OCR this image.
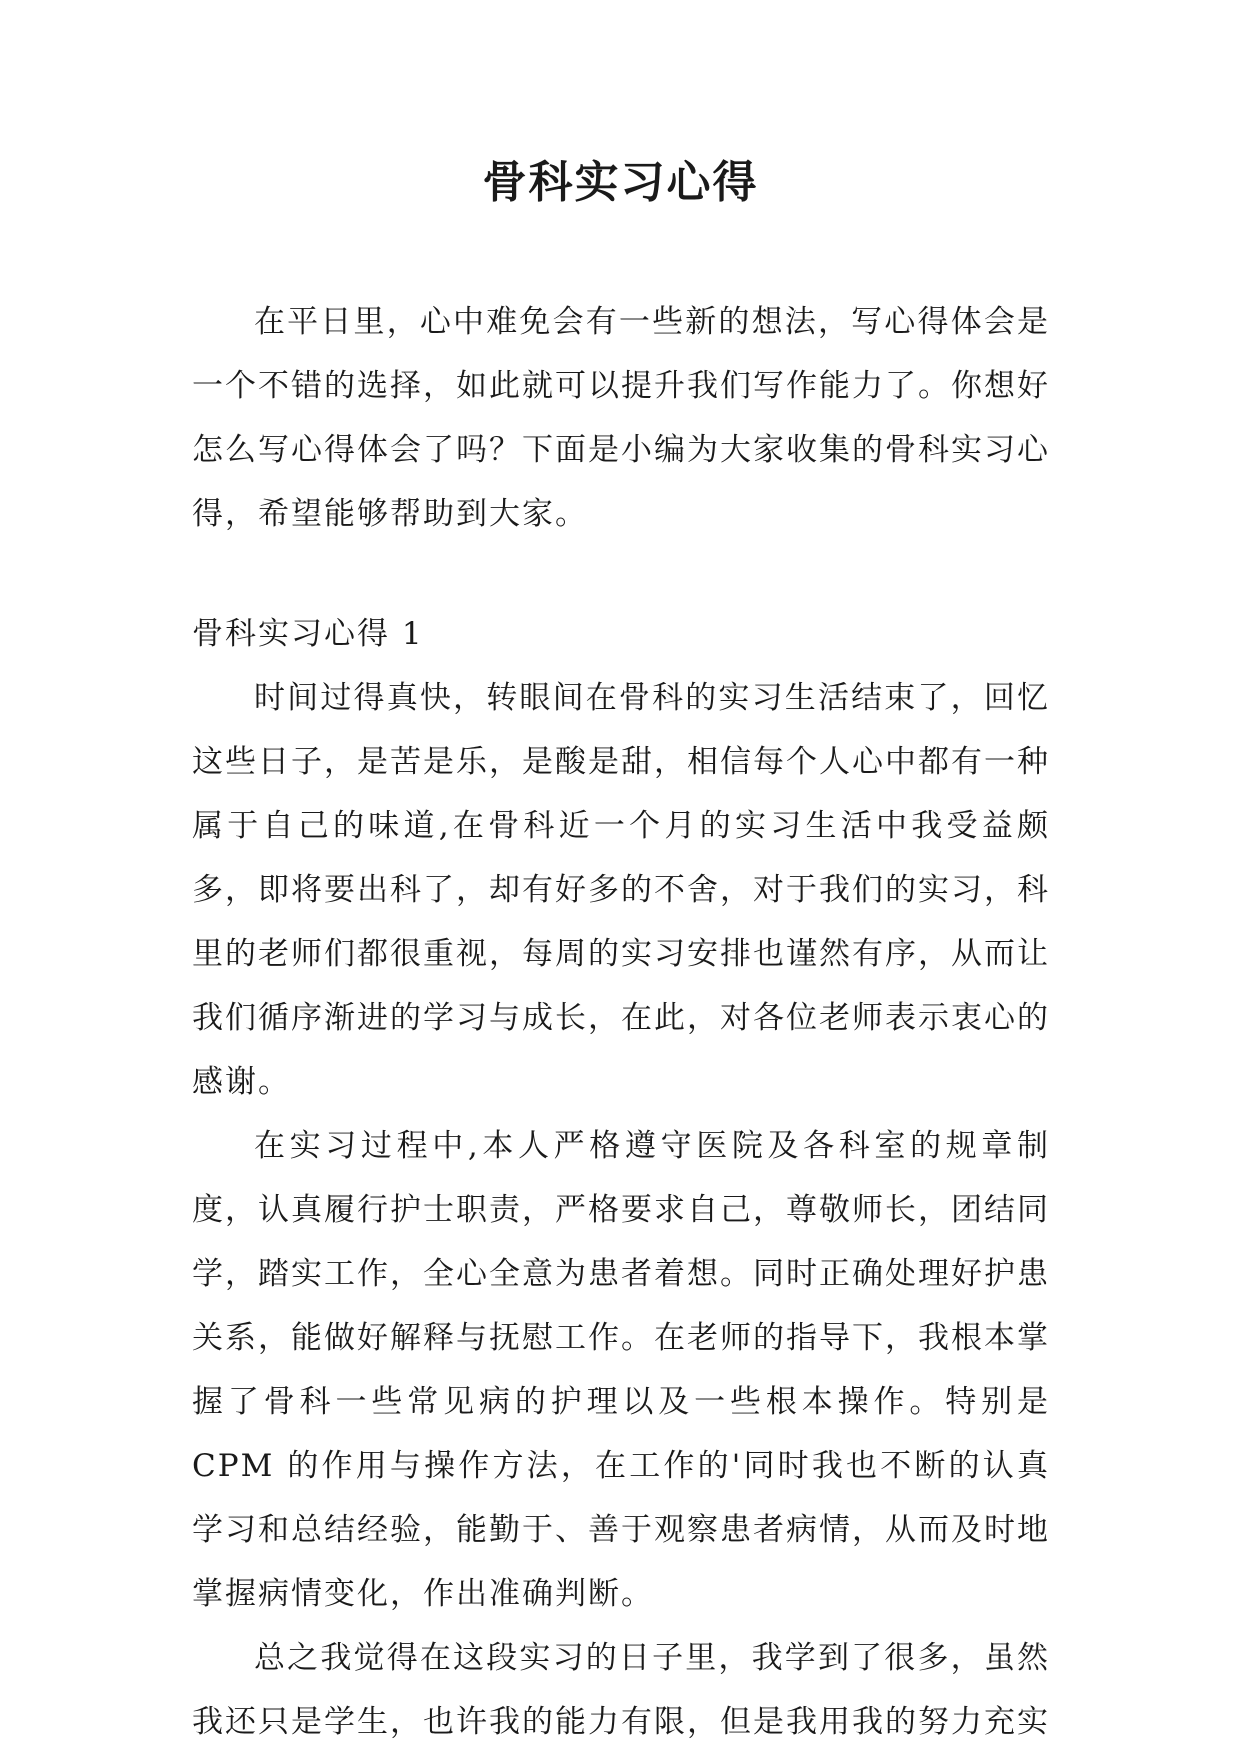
骨科实习心得

在平日里，心中难免会有一些新的想法，写心得体会是一个不错的选择，如此就可以提升我们写作能力了。你想好怎么写心得体会了吗？下面是小编为大家收集的骨科实习心得，希望能够帮助到大家。

骨科实习心得 1

时间过得真快，转眼间在骨科的实习生活结束了，回忆这些日子，是苦是乐，是酸是甜，相信每个人心中都有一种属于自己的味道,在骨科近一个月的实习生活中我受益颇多，即将要出科了，却有好多的不舍，对于我们的实习，科里的老师们都很重视，每周的实习安排也谨然有序，从而让我们循序渐进的学习与成长，在此，对各位老师表示衷心的感谢。

在实习过程中,本人严格遵守医院及各科室的规章制度，认真履行护士职责，严格要求自己，尊敬师长，团结同学，踏实工作，全心全意为患者着想。同时正确处理好护患关系，能做好解释与抚慰工作。在老师的指导下，我根本掌握了骨科一些常见病的护理以及一些根本操作。特别是 CPM 的作用与操作方法，在工作的'同时我也不断的认真学习和总结经验，能勤于、善于观察患者病情，从而及时地掌握病情变化，作出准确判断。

总之我觉得在这段实习的日子里，我学到了很多，虽然我还只是学生，也许我的能力有限，但是我用我的努力充实
